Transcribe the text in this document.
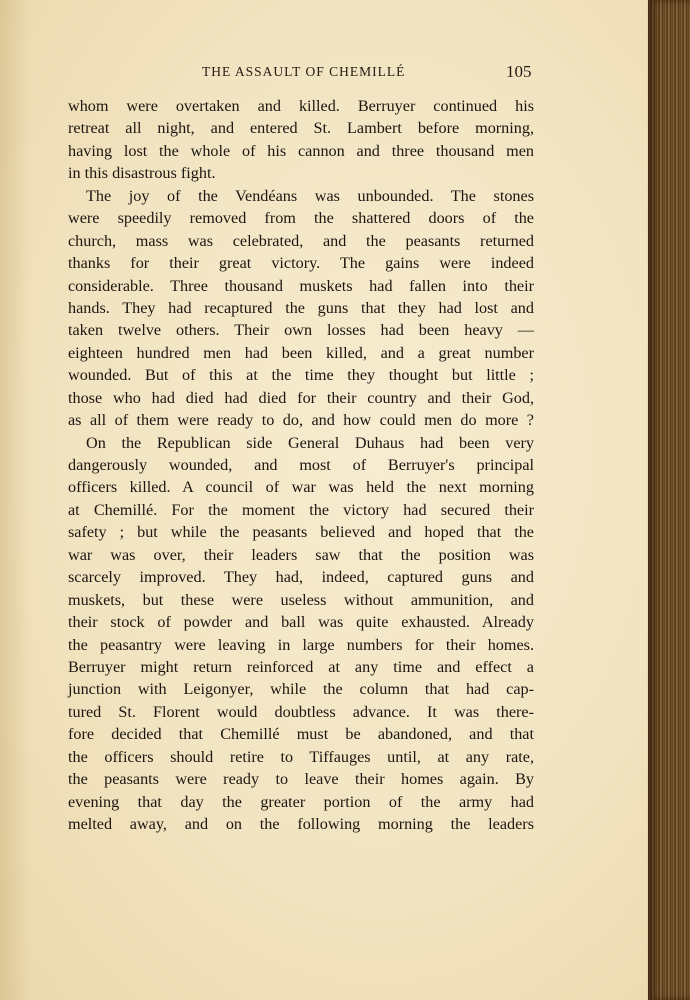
THE ASSAULT OF CHEMILLÉ	105
whom were overtaken and killed. Berruyer continued his
retreat all night, and entered St. Lambert before morning,
having lost the whole of his cannon and three thousand men
in this disastrous fight.
The joy of the Vendéans was unbounded. The stones
were speedily removed from the shattered doors of the
church, mass was celebrated, and the peasants returned
thanks for their great victory. The gains were indeed
considerable. Three thousand muskets had fallen into their
hands. They had recaptured the guns that they had lost and
taken twelve others. Their own losses had been heavy —
eighteen hundred men had been killed, and a great number
wounded. But of this at the time they thought but little ;
those who had died had died for their country and their God,
as all of them were ready to do, and how could men do more ?
On the Republican side General Duhaus had been very
dangerously wounded, and most of Berruyer's principal
officers killed. A council of war was held the next morning
at Chemillé. For the moment the victory had secured their
safety ; but while the peasants believed and hoped that the
war was over, their leaders saw that the position was
scarcely improved. They had, indeed, captured guns and
muskets, but these were useless without ammunition, and
their stock of powder and ball was quite exhausted. Already
the peasantry were leaving in large numbers for their homes.
Berruyer might return reinforced at any time and effect a
junction with Leigonyer, while the column that had cap-
tured St. Florent would doubtless advance. It was there-
fore decided that Chemillé must be abandoned, and that
the officers should retire to Tiffauges until, at any rate,
the peasants were ready to leave their homes again. By
evening that day the greater portion of the army had
melted away, and on the following morning the leaders
